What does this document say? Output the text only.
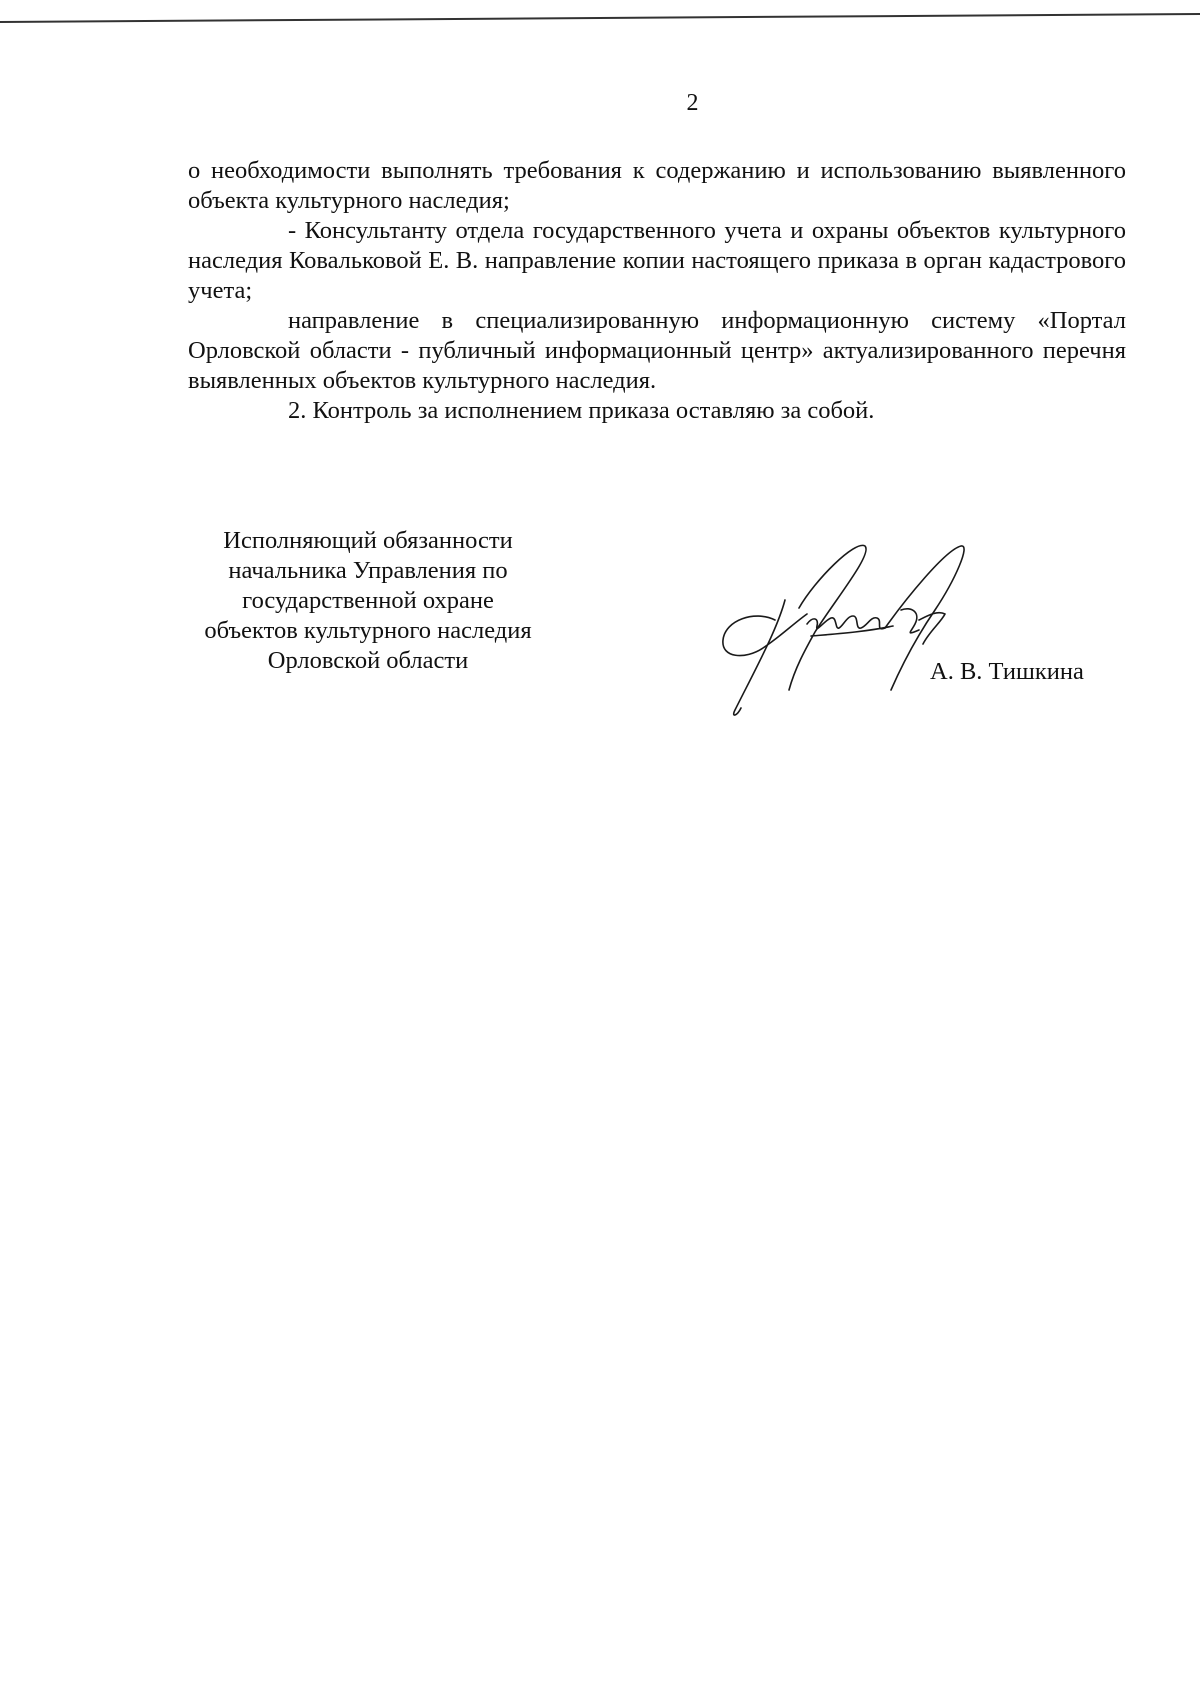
2

о необходимости выполнять требования к содержанию и использованию выявленного объекта культурного наследия;

- Консультанту отдела государственного учета и охраны объектов культурного наследия Ковальковой Е. В. направление копии настоящего приказа в орган кадастрового учета;

направление в специализированную информационную систему «Портал Орловской области - публичный информационный центр» актуализированного перечня выявленных объектов культурного наследия.

2. Контроль за исполнением приказа оставляю за собой.

Исполняющий обязанности
начальника Управления по
государственной охране
объектов культурного наследия
Орловской области	А. В. Тишкина
